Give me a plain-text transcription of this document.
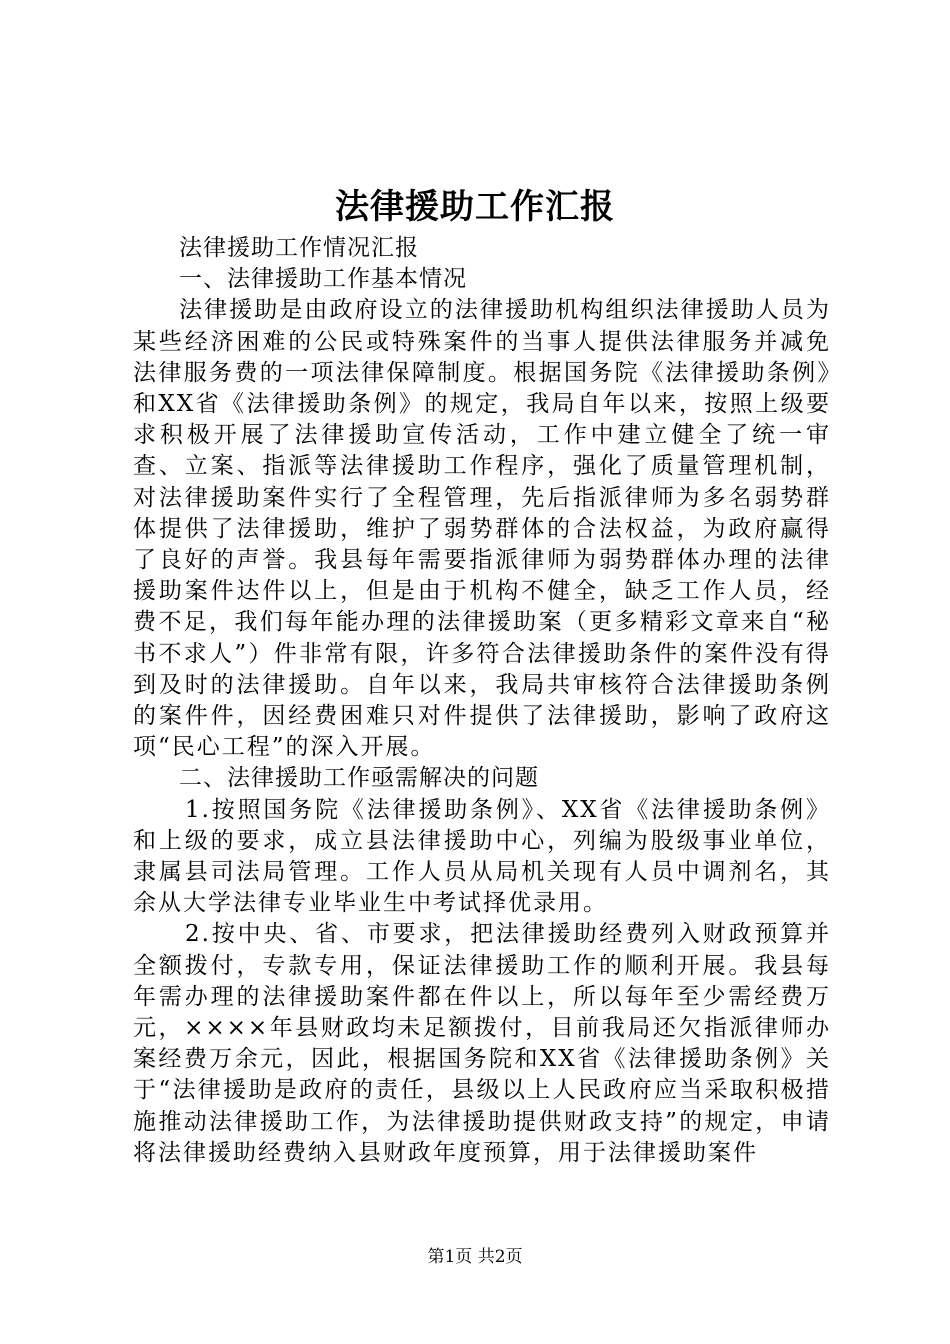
法律援助工作汇报

法律援助工作情况汇报

一、法律援助工作基本情况

法律援助是由政府设立的法律援助机构组织法律援助人员为某些经济困难的公民或特殊案件的当事人提供法律服务并减免法律服务费的一项法律保障制度。根据国务院《法律援助条例》和XX省《法律援助条例》的规定，我局自年以来，按照上级要求积极开展了法律援助宣传活动，工作中建立健全了统一审查、立案、指派等法律援助工作程序，强化了质量管理机制，对法律援助案件实行了全程管理，先后指派律师为多名弱势群体提供了法律援助，维护了弱势群体的合法权益，为政府赢得了良好的声誉。我县每年需要指派律师为弱势群体办理的法律援助案件达件以上，但是由于机构不健全，缺乏工作人员，经费不足，我们每年能办理的法律援助案（更多精彩文章来自“秘书不求人”）件非常有限，许多符合法律援助条件的案件没有得到及时的法律援助。自年以来，我局共审核符合法律援助条例的案件件，因经费困难只对件提供了法律援助，影响了政府这项“民心工程”的深入开展。

二、法律援助工作亟需解决的问题

1.按照国务院《法律援助条例》、XX省《法律援助条例》和上级的要求，成立县法律援助中心，列编为股级事业单位，隶属县司法局管理。工作人员从局机关现有人员中调剂名，其余从大学法律专业毕业生中考试择优录用。

2.按中央、省、市要求，把法律援助经费列入财政预算并全额拨付，专款专用，保证法律援助工作的顺利开展。我县每年需办理的法律援助案件都在件以上，所以每年至少需经费万元，××××年县财政均未足额拨付，目前我局还欠指派律师办案经费万余元，因此，根据国务院和XX省《法律援助条例》关于“法律援助是政府的责任，县级以上人民政府应当采取积极措施推动法律援助工作，为法律援助提供财政支持”的规定，申请将法律援助经费纳入县财政年度预算，用于法律援助案件

第1页 共2页
